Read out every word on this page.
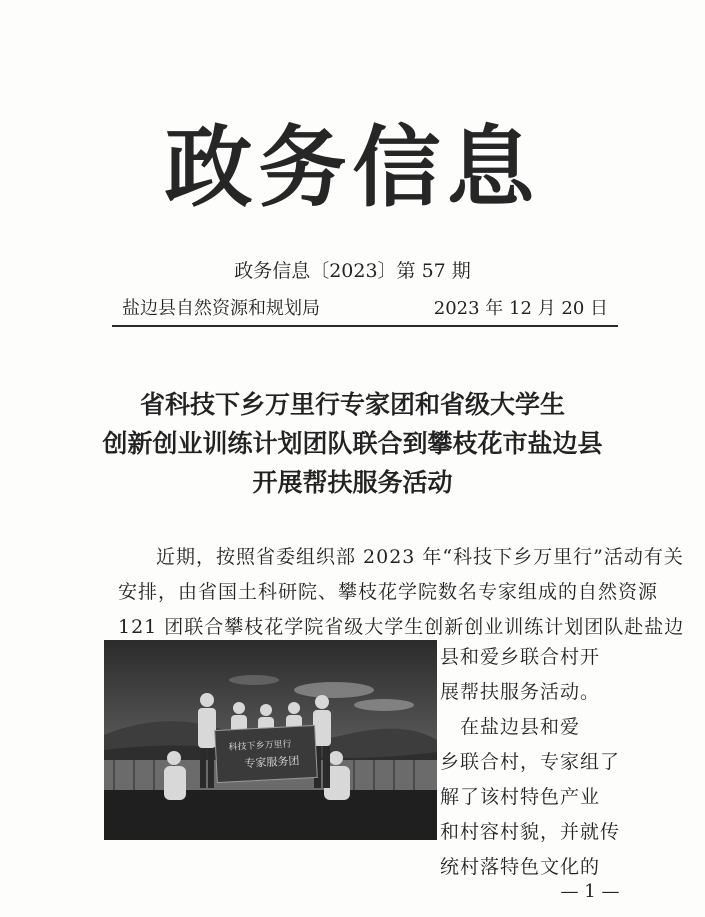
政务信息
政务信息〔2023〕第 57 期
盐边县自然资源和规划局	2023 年 12 月 20 日
省科技下乡万里行专家团和省级大学生
创新创业训练计划团队联合到攀枝花市盐边县
开展帮扶服务活动
近期，按照省委组织部 2023 年“科技下乡万里行”活动有关
安排，由省国土科研院、攀枝花学院数名专家组成的自然资源
121 团联合攀枝花学院省级大学生创新创业训练计划团队赴盐边
科技下乡万里行
专家服务团
县和爱乡联合村开
展帮扶服务活动。
在盐边县和爱
乡联合村，专家组了
解了该村特色产业
和村容村貌，并就传
统村落特色文化的
— 1 —
